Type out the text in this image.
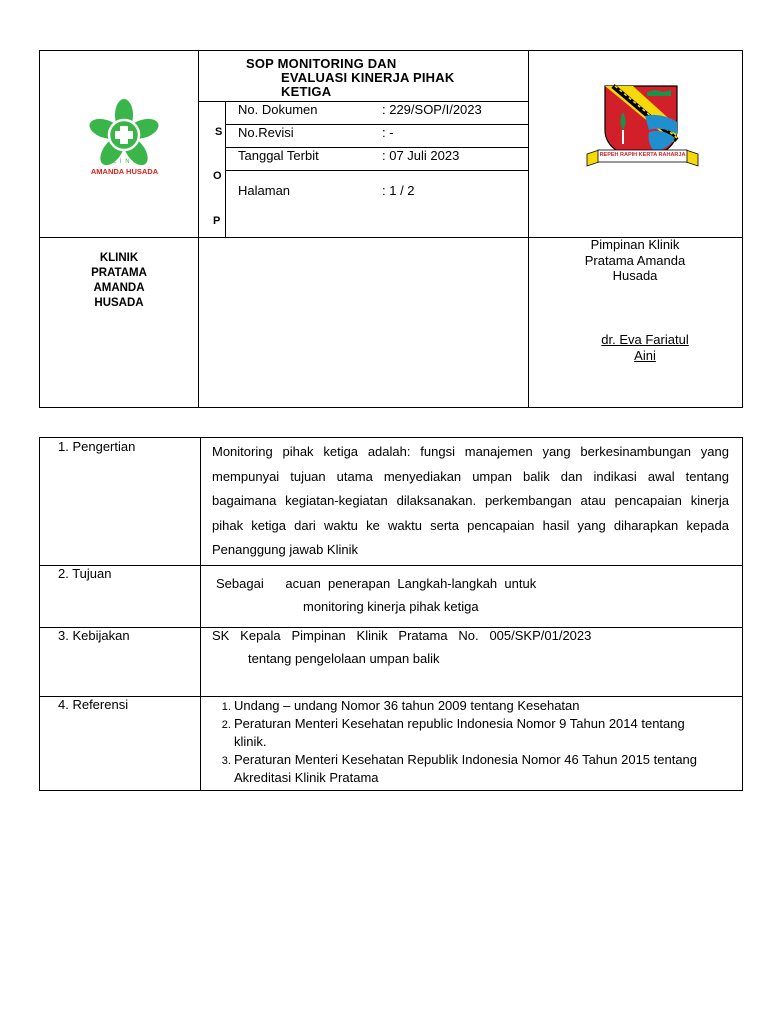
K L I N I K
AMANDA HUSADA
SOP MONITORING DAN
EVALUASI KINERJA PIHAK
KETIGA
S
O
P
No. Dokumen	: 229/SOP/I/2023
No.Revisi	: -
Tanggal Terbit	: 07 Juli 2023
Halaman	: 1 / 2
REPEH RAPIH KERTA RAHARJA
KLINIK
PRATAMA
AMANDA
HUSADA
Pimpinan Klinik
Pratama Amanda
Husada
dr. Eva Fariatul
Aini
1. Pengertian	Monitoring pihak ketiga adalah: fungsi manajemen yang berkesinambungan yang mempunyai tujuan utama menyediakan umpan balik dan indikasi awal tentang bagaimana kegiatan-kegiatan dilaksanakan. perkembangan atau pencapaian kinerja pihak ketiga dari waktu ke waktu serta pencapaian hasil yang diharapkan kepada Penanggung jawab Klinik
2. Tujuan
Sebagai      acuan  penerapan  Langkah-langkah  untuk
monitoring kinerja pihak ketiga
3. Kebijakan	SK   Kepala   Pimpinan   Klinik   Pratama   No.   005/SKP/01/2023
tentang pengelolaan umpan balik
4. Referensi
1.	Undang – undang Nomor 36 tahun 2009 tentang Kesehatan
2. Peraturan Menteri Kesehatan republic Indonesia Nomor 9 Tahun 2014 tentang klinik.
3. Peraturan Menteri Kesehatan Republik Indonesia Nomor 46 Tahun 2015 tentang Akreditasi Klinik Pratama
